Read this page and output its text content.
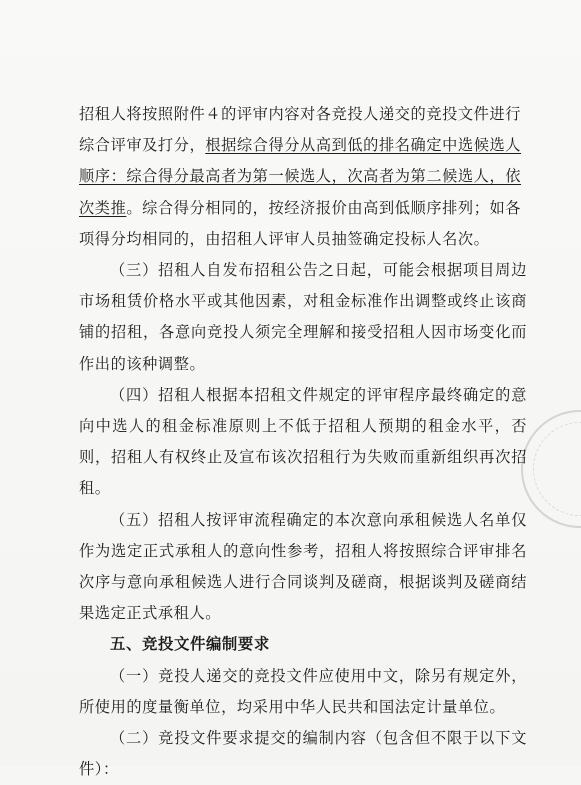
招租人将按照附件４的评审内容对各竞投人递交的竞投文件进行
综合评审及打分，根据综合得分从高到低的排名确定中选候选人
顺序：综合得分最高者为第一候选人，次高者为第二候选人，依
次类推。综合得分相同的，按经济报价由高到低顺序排列；如各
项得分均相同的，由招租人评审人员抽签确定投标人名次。

（三）招租人自发布招租公告之日起，可能会根据项目周边市场租赁价格水平或其他因素，对租金标准作出调整或终止该商铺的招租，各意向竞投人须完全理解和接受招租人因市场变化而作出的该种调整。

（四）招租人根据本招租文件规定的评审程序最终确定的意向中选人的租金标准原则上不低于招租人预期的租金水平，否则，招租人有权终止及宣布该次招租行为失败而重新组织再次招租。

（五）招租人按评审流程确定的本次意向承租候选人名单仅作为选定正式承租人的意向性参考，招租人将按照综合评审排名次序与意向承租候选人进行合同谈判及磋商，根据谈判及磋商结果选定正式承租人。

五、竞投文件编制要求

（一）竞投人递交的竞投文件应使用中文，除另有规定外，所使用的度量衡单位，均采用中华人民共和国法定计量单位。

（二）竞投文件要求提交的编制内容（包含但不限于以下文件）：
